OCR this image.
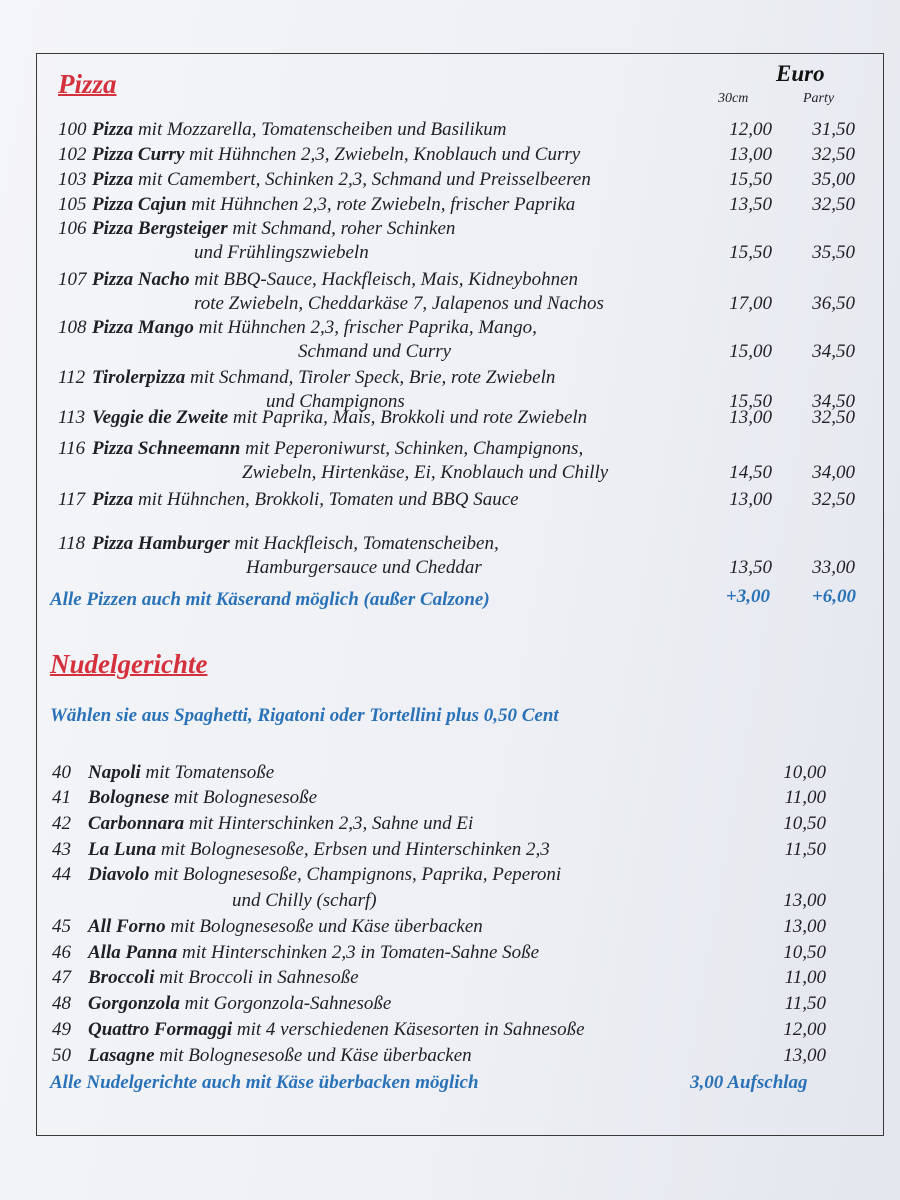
Pizza	Euro
30cm	Party
100 Pizza mit Mozzarella, Tomatenscheiben und Basilikum	12,00	31,50
102 Pizza Curry mit Hühnchen 2,3, Zwiebeln, Knoblauch und Curry	13,00	32,50
103 Pizza mit Camembert, Schinken 2,3, Schmand und Preisselbeeren	15,50	35,00
105 Pizza Cajun mit Hühnchen 2,3, rote Zwiebeln, frischer Paprika	13,50	32,50
106 Pizza Bergsteiger mit Schmand, roher Schinken
und Frühlingszwiebeln	15,50	35,50
107 Pizza Nacho mit BBQ-Sauce, Hackfleisch, Mais, Kidneybohnen
rote Zwiebeln, Cheddarkäse 7, Jalapenos und Nachos	17,00	36,50
108 Pizza Mango mit Hühnchen 2,3, frischer Paprika, Mango,
Schmand und Curry	15,00	34,50
112 Tirolerpizza mit Schmand, Tiroler Speck, Brie, rote Zwiebeln
und Champignons	15,50	34,50
113 Veggie die Zweite mit Paprika, Mais, Brokkoli und rote Zwiebeln	13,00	32,50
116 Pizza Schneemann mit Peperoniwurst, Schinken, Champignons,
Zwiebeln, Hirtenkäse, Ei, Knoblauch und Chilly	14,50	34,00
117 Pizza mit Hühnchen, Brokkoli, Tomaten und BBQ Sauce	13,00	32,50
118 Pizza Hamburger mit Hackfleisch, Tomatenscheiben,
Hamburgersauce und Cheddar	13,50	33,00
Alle Pizzen auch mit Käserand möglich (außer Calzone)	+3,00	+6,00
Nudelgerichte
Wählen sie aus Spaghetti, Rigatoni oder Tortellini plus 0,50 Cent
40 Napoli mit Tomatensoße	10,00
41 Bolognese mit Bolognesesoße	11,00
42 Carbonnara mit Hinterschinken 2,3, Sahne und Ei	10,50
43 La Luna mit Bolognesesoße, Erbsen und Hinterschinken 2,3	11,50
44 Diavolo mit Bolognesesoße, Champignons, Paprika, Peperoni
und Chilly (scharf)	13,00
45 All Forno mit Bolognesesoße und Käse überbacken	13,00
46 Alla Panna mit Hinterschinken 2,3 in Tomaten-Sahne Soße	10,50
47 Broccoli mit Broccoli in Sahnesoße	11,00
48 Gorgonzola mit Gorgonzola-Sahnesoße	11,50
49 Quattro Formaggi mit 4 verschiedenen Käsesorten in Sahnesoße	12,00
50 Lasagne mit Bolognesesoße und Käse überbacken	13,00
Alle Nudelgerichte auch mit Käse überbacken möglich	3,00 Aufschlag
